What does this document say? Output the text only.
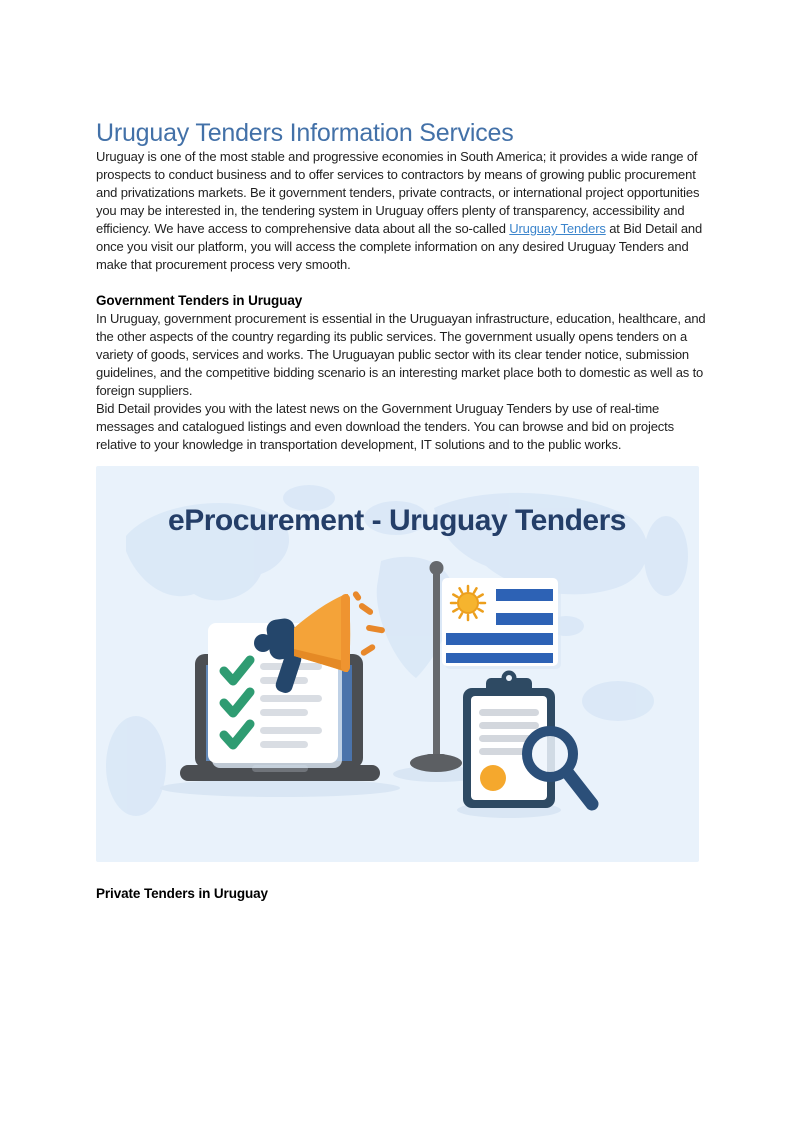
Uruguay Tenders Information Services

Uruguay is one of the most stable and progressive economies in South America; it provides a wide range of prospects to conduct business and to offer services to contractors by means of growing public procurement and privatizations markets. Be it government tenders, private contracts, or international project opportunities you may be interested in, the tendering system in Uruguay offers plenty of transparency, accessibility and efficiency. We have access to comprehensive data about all the so-called Uruguay Tenders at Bid Detail and once you visit our platform, you will access the complete information on any desired Uruguay Tenders and make that procurement process very smooth.

Government Tenders in Uruguay

In Uruguay, government procurement is essential in the Uruguayan infrastructure, education, healthcare, and the other aspects of the country regarding its public services. The government usually opens tenders on a variety of goods, services and works. The Uruguayan public sector with its clear tender notice, submission guidelines, and the competitive bidding scenario is an interesting market place both to domestic as well as to foreign suppliers.

Bid Detail provides you with the latest news on the Government Uruguay Tenders by use of real-time messages and catalogued listings and even download the tenders. You can browse and bid on projects relative to your knowledge in transportation development, IT solutions and to the public works.

eProcurement - Uruguay Tenders
Private Tenders in Uruguay
